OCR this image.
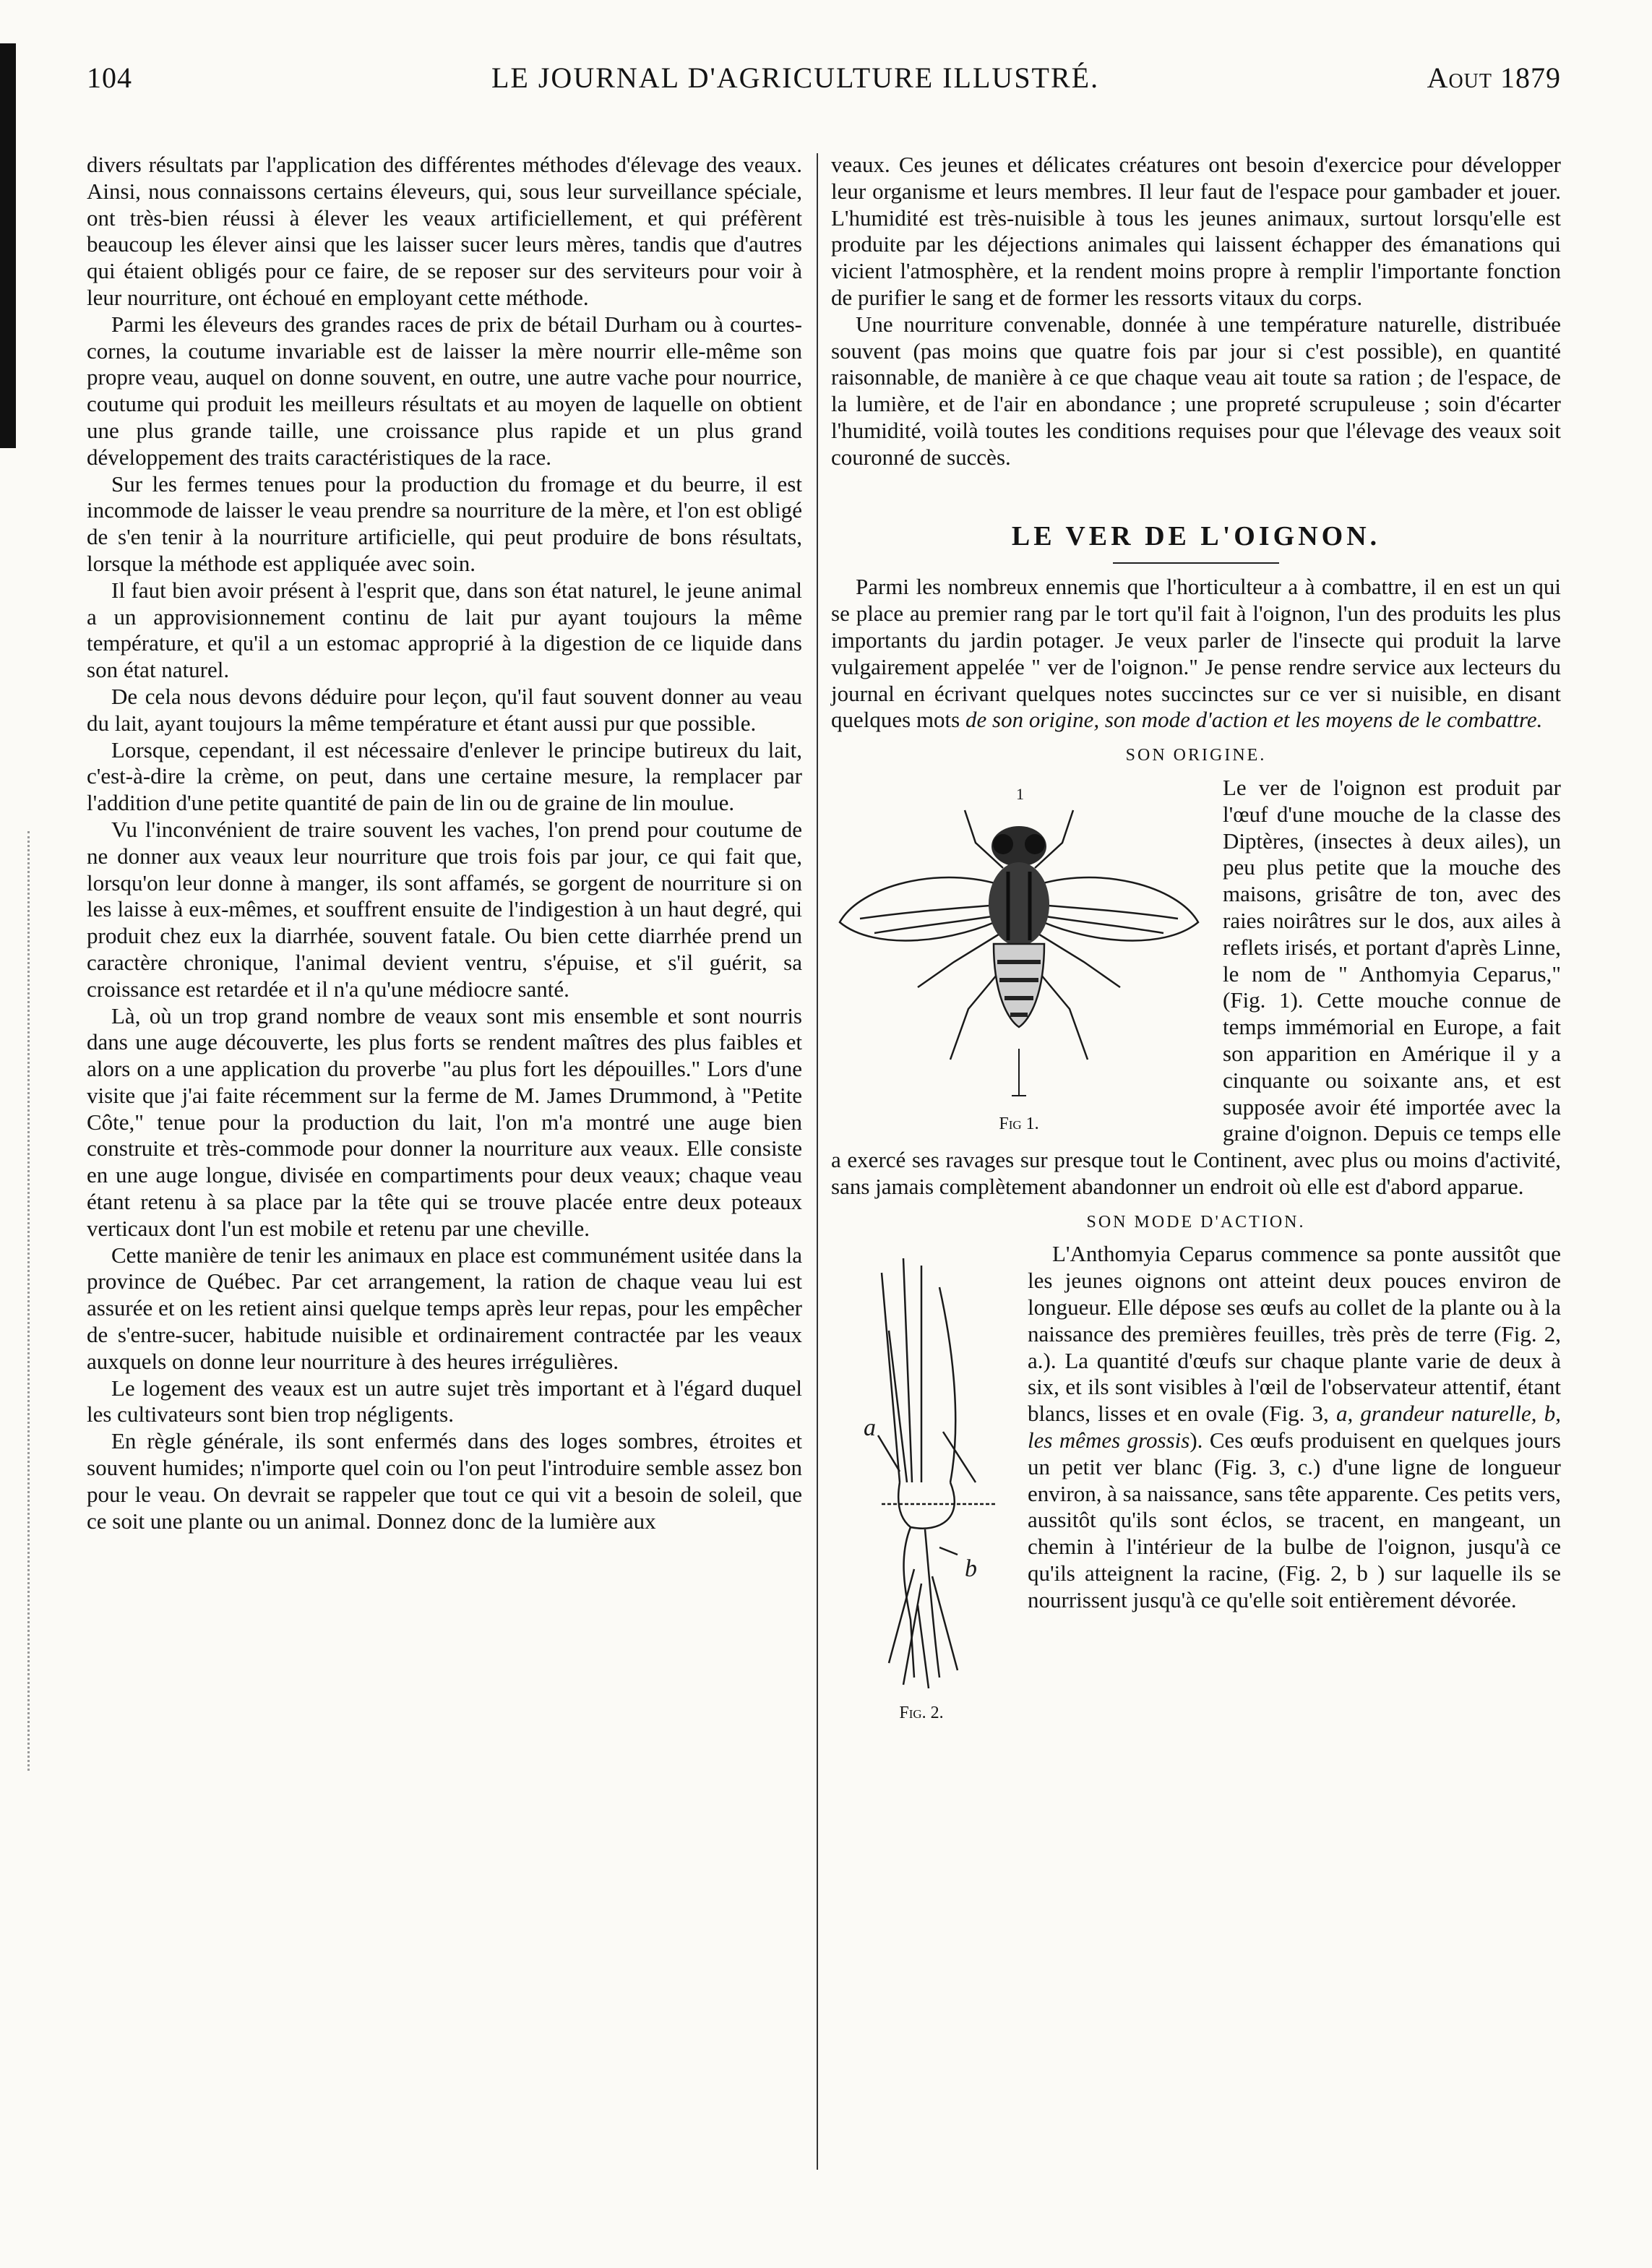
104	LE JOURNAL D'AGRICULTURE ILLUSTRÉ.	Aout 1879

divers résultats par l'application des différentes méthodes d'élevage des veaux. Ainsi, nous connaissons certains éleveurs, qui, sous leur surveillance spéciale, ont très-bien réussi à élever les veaux artificiellement, et qui préfèrent beaucoup les élever ainsi que les laisser sucer leurs mères, tandis que d'autres qui étaient obligés pour ce faire, de se reposer sur des serviteurs pour voir à leur nourriture, ont échoué en employant cette méthode.

Parmi les éleveurs des grandes races de prix de bétail Durham ou à courtes-cornes, la coutume invariable est de laisser la mère nourrir elle-même son propre veau, auquel on donne souvent, en outre, une autre vache pour nourrice, coutume qui produit les meilleurs résultats et au moyen de laquelle on obtient une plus grande taille, une croissance plus rapide et un plus grand développement des traits caractéristiques de la race.

Sur les fermes tenues pour la production du fromage et du beurre, il est incommode de laisser le veau prendre sa nourriture de la mère, et l'on est obligé de s'en tenir à la nourriture artificielle, qui peut produire de bons résultats, lorsque la méthode est appliquée avec soin.

Il faut bien avoir présent à l'esprit que, dans son état naturel, le jeune animal a un approvisionnement continu de lait pur ayant toujours la même température, et qu'il a un estomac approprié à la digestion de ce liquide dans son état naturel.

De cela nous devons déduire pour leçon, qu'il faut souvent donner au veau du lait, ayant toujours la même température et étant aussi pur que possible.

Lorsque, cependant, il est nécessaire d'enlever le principe butireux du lait, c'est-à-dire la crème, on peut, dans une certaine mesure, la remplacer par l'addition d'une petite quantité de pain de lin ou de graine de lin moulue.

Vu l'inconvénient de traire souvent les vaches, l'on prend pour coutume de ne donner aux veaux leur nourriture que trois fois par jour, ce qui fait que, lorsqu'on leur donne à manger, ils sont affamés, se gorgent de nourriture si on les laisse à eux-mêmes, et souffrent ensuite de l'indigestion à un haut degré, qui produit chez eux la diarrhée, souvent fatale. Ou bien cette diarrhée prend un caractère chronique, l'animal devient ventru, s'épuise, et s'il guérit, sa croissance est retardée et il n'a qu'une médiocre santé.

Là, où un trop grand nombre de veaux sont mis ensemble et sont nourris dans une auge découverte, les plus forts se rendent maîtres des plus faibles et alors on a une application du proverbe "au plus fort les dépouilles." Lors d'une visite que j'ai faite récemment sur la ferme de M. James Drummond, à "Petite Côte," tenue pour la production du lait, l'on m'a montré une auge bien construite et très-commode pour donner la nourriture aux veaux. Elle consiste en une auge longue, divisée en compartiments pour deux veaux; chaque veau étant retenu à sa place par la tête qui se trouve placée entre deux poteaux verticaux dont l'un est mobile et retenu par une cheville.

Cette manière de tenir les animaux en place est communément usitée dans la province de Québec. Par cet arrangement, la ration de chaque veau lui est assurée et on les retient ainsi quelque temps après leur repas, pour les empêcher de s'entre-sucer, habitude nuisible et ordinairement contractée par les veaux auxquels on donne leur nourriture à des heures irrégulières.

Le logement des veaux est un autre sujet très important et à l'égard duquel les cultivateurs sont bien trop négligents.

En règle générale, ils sont enfermés dans des loges sombres, étroites et souvent humides; n'importe quel coin ou l'on peut l'introduire semble assez bon pour le veau. On devrait se rappeler que tout ce qui vit a besoin de soleil, que ce soit une plante ou un animal. Donnez donc de la lumière aux

veaux. Ces jeunes et délicates créatures ont besoin d'exercice pour développer leur organisme et leurs membres. Il leur faut de l'espace pour gambader et jouer. L'humidité est très-nuisible à tous les jeunes animaux, surtout lorsqu'elle est produite par les déjections animales qui laissent échapper des émanations qui vicient l'atmosphère, et la rendent moins propre à remplir l'importante fonction de purifier le sang et de former les ressorts vitaux du corps.

Une nourriture convenable, donnée à une température naturelle, distribuée souvent (pas moins que quatre fois par jour si c'est possible), en quantité raisonnable, de manière à ce que chaque veau ait toute sa ration ; de l'espace, de la lumière, et de l'air en abondance ; une propreté scrupuleuse ; soin d'écarter l'humidité, voilà toutes les conditions requises pour que l'élevage des veaux soit couronné de succès.

LE VER DE L'OIGNON.

Parmi les nombreux ennemis que l'horticulteur a à combattre, il en est un qui se place au premier rang par le tort qu'il fait à l'oignon, l'un des produits les plus importants du jardin potager. Je veux parler de l'insecte qui produit la larve vulgairement appelée " ver de l'oignon." Je pense rendre service aux lecteurs du journal en écrivant quelques notes succinctes sur ce ver si nuisible, en disant quelques mots de son origine, son mode d'action et les moyens de le combattre.

SON ORIGINE.
1
Fig 1.

Le ver de l'oignon est produit par l'œuf d'une mouche de la classe des Diptères, (insectes à deux ailes), un peu plus petite que la mouche des maisons, grisâtre de ton, avec des raies noirâtres sur le dos, aux ailes à reflets irisés, et portant d'après Linne, le nom de " Anthomyia Ceparus," (Fig. 1). Cette mouche connue de temps immémorial en Europe, a fait son apparition en Amérique il y a cinquante ou soixante ans, et est supposée avoir été importée avec la graine d'oignon. Depuis ce temps elle a exercé ses ravages sur presque tout le Continent, avec plus ou moins d'activité, sans jamais complètement abandonner un endroit où elle est d'abord apparue.

SON MODE D'ACTION.
a
b
Fig. 2.

L'Anthomyia Ceparus commence sa ponte aussitôt que les jeunes oignons ont atteint deux pouces environ de longueur. Elle dépose ses œufs au collet de la plante ou à la naissance des premières feuilles, très près de terre (Fig. 2, a.). La quantité d'œufs sur chaque plante varie de deux à six, et ils sont visibles à l'œil de l'observateur attentif, étant blancs, lisses et en ovale (Fig. 3, a, grandeur naturelle, b, les mêmes grossis). Ces œufs produisent en quelques jours un petit ver blanc (Fig. 3, c.) d'une ligne de longueur environ, à sa naissance, sans tête apparente. Ces petits vers, aussitôt qu'ils sont éclos, se tracent, en mangeant, un chemin à l'intérieur de la bulbe de l'oignon, jusqu'à ce qu'ils atteignent la racine, (Fig. 2, b ) sur laquelle ils se nourrissent jusqu'à ce qu'elle soit entièrement dévorée.
